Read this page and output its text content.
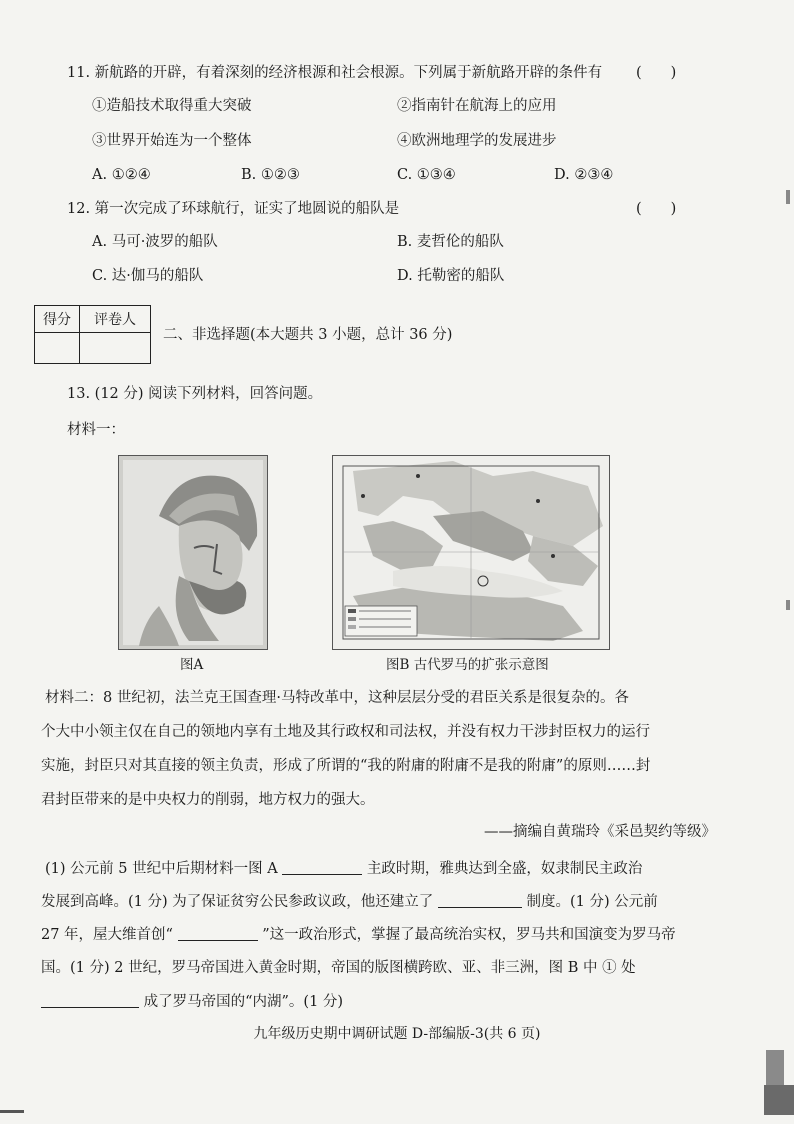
11. 新航路的开辟，有着深刻的经济根源和社会根源。下列属于新航路开辟的条件有 (　　)
①造船技术取得重大突破	②指南针在航海上的应用
③世界开始连为一个整体	④欧洲地理学的发展进步
A. ①②④	B. ①②③	C. ①③④	D. ②③④
12. 第一次完成了环球航行，证实了地圆说的船队是	(　　)
A. 马可·波罗的船队	B. 麦哲伦的船队
C. 达·伽马的船队	D. 托勒密的船队
得分	评卷人

二、非选择题(本大题共 3 小题，总计 36 分)
13. (12 分) 阅读下列材料，回答问题。
材料一：
图A	图B 古代罗马的扩张示意图
材料二：8 世纪初，法兰克王国查理·马特改革中，这种层层分受的君臣关系是很复杂的。各
个大中小领主仅在自己的领地内享有土地及其行政权和司法权，并没有权力干涉封臣权力的运行
实施，封臣只对其直接的领主负责，形成了所谓的“我的附庸的附庸不是我的附庸”的原则……封
君封臣带来的是中央权力的削弱，地方权力的强大。
——摘编自黄瑞玲《采邑契约等级》
(1) 公元前 5 世纪中后期材料一图 A	主政时期，雅典达到全盛，奴隶制民主政治
发展到高峰。(1 分) 为了保证贫穷公民参政议政，他还建立了	制度。(1 分) 公元前
27 年，屋大维首创“	”这一政治形式，掌握了最高统治实权，罗马共和国演变为罗马帝
国。(1 分) 2 世纪，罗马帝国进入黄金时期，帝国的版图横跨欧、亚、非三洲，图 B 中 ① 处
成了罗马帝国的“内湖”。(1 分)
九年级历史期中调研试题 D-部编版-3(共 6 页)
